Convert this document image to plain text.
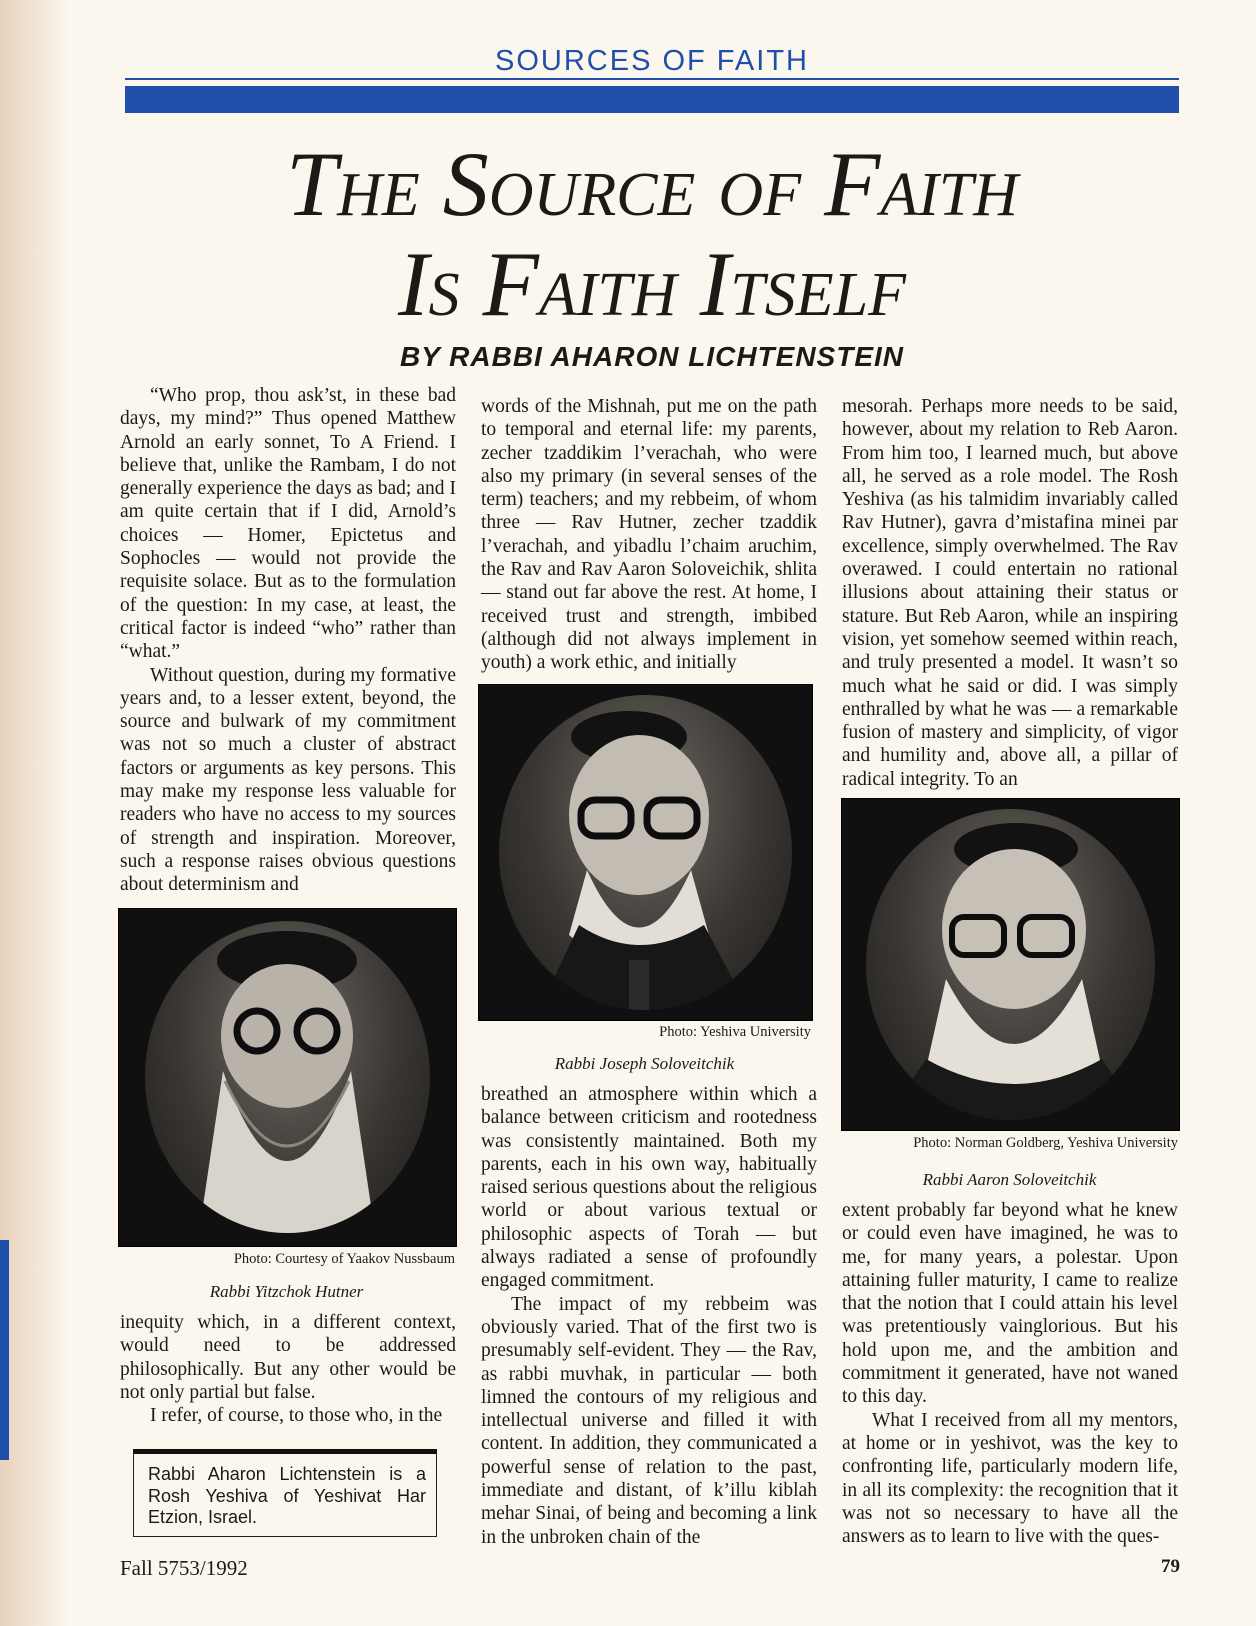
SOURCES OF FAITH
THE SOURCE OF FAITH
IS FAITH ITSELF
BY RABBI AHARON LICHTENSTEIN

“Who prop, thou ask’st, in these bad days, my mind?” Thus opened Matthew Arnold an early sonnet, To A Friend. I believe that, unlike the Rambam, I do not generally experience the days as bad; and I am quite certain that if I did, Arnold’s choices — Homer, Epictetus and Sophocles — would not provide the requisite solace. But as to the formulation of the question: In my case, at least, the critical factor is indeed “who” rather than “what.”

Without question, during my formative years and, to a lesser extent, beyond, the source and bulwark of my commitment was not so much a cluster of abstract factors or arguments as key persons. This may make my response less valuable for readers who have no access to my sources of strength and inspiration. Moreover, such a response raises obvious questions about determinism and

Photo: Courtesy of Yaakov Nussbaum
Rabbi Yitzchok Hutner

inequity which, in a different context, would need to be addressed philosophically. But any other would be not only partial but false.

I refer, of course, to those who, in the

Rabbi Aharon Lichtenstein is a Rosh Yeshiva of Yeshivat Har Etzion, Israel.

words of the Mishnah, put me on the path to temporal and eternal life: my parents, zecher tzaddikim l’verachah, who were also my primary (in several senses of the term) teachers; and my rebbeim, of whom three — Rav Hutner, zecher tzaddik l’verachah, and yibadlu l’chaim aruchim, the Rav and Rav Aaron Soloveichik, shlita — stand out far above the rest. At home, I received trust and strength, imbibed (although did not always implement in youth) a work ethic, and initially

Photo: Yeshiva University
Rabbi Joseph Soloveitchik

breathed an atmosphere within which a balance between criticism and rootedness was consistently maintained. Both my parents, each in his own way, habitually raised serious questions about the religious world or about various textual or philosophic aspects of Torah — but always radiated a sense of profoundly engaged commitment.

The impact of my rebbeim was obviously varied. That of the first two is presumably self-evident. They — the Rav, as rabbi muvhak, in particular — both limned the contours of my religious and intellectual universe and filled it with content. In addition, they communicated a powerful sense of relation to the past, immediate and distant, of k’illu kiblah mehar Sinai, of being and becoming a link in the unbroken chain of the

mesorah. Perhaps more needs to be said, however, about my relation to Reb Aaron. From him too, I learned much, but above all, he served as a role model. The Rosh Yeshiva (as his talmidim invariably called Rav Hutner), gavra d’mistafina minei par excellence, simply overwhelmed. The Rav overawed. I could entertain no rational illusions about attaining their status or stature. But Reb Aaron, while an inspiring vision, yet somehow seemed within reach, and truly presented a model. It wasn’t so much what he said or did. I was simply enthralled by what he was — a remarkable fusion of mastery and simplicity, of vigor and humility and, above all, a pillar of radical integrity. To an

Photo: Norman Goldberg, Yeshiva University
Rabbi Aaron Soloveitchik

extent probably far beyond what he knew or could even have imagined, he was to me, for many years, a polestar. Upon attaining fuller maturity, I came to realize that the notion that I could attain his level was pretentiously vainglorious. But his hold upon me, and the ambition and commitment it generated, have not waned to this day.

What I received from all my mentors, at home or in yeshivot, was the key to confronting life, particularly modern life, in all its complexity: the recognition that it was not so necessary to have all the answers as to learn to live with the ques-

Fall 5753/1992	79
